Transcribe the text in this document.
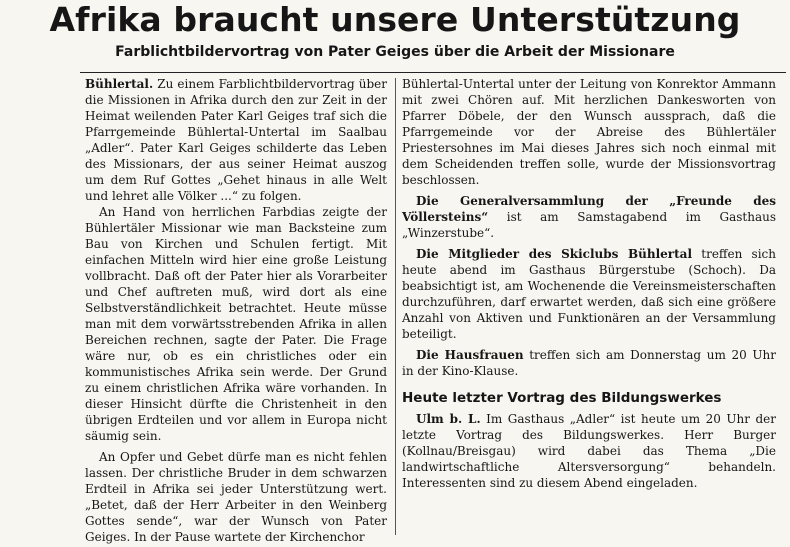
Afrika braucht unsere Unterstützung
Farblichtbildervortrag von Pater Geiges über die Arbeit der Missionare

Bühlertal. Zu einem Farblichtbildervortrag über die Missionen in Afrika durch den zur Zeit in der Heimat weilenden Pater Karl Geiges traf sich die Pfarrgemeinde Bühlertal-Untertal im Saalbau „Adler“. Pater Karl Geiges schilderte das Leben des Missionars, der aus seiner Heimat auszog um dem Ruf Gottes „Gehet hinaus in alle Welt und lehret alle Völker ...“ zu folgen.

An Hand von herrlichen Farbdias zeigte der Bühlertäler Missionar wie man Backsteine zum Bau von Kirchen und Schulen fertigt. Mit einfachen Mitteln wird hier eine große Leistung vollbracht. Daß oft der Pater hier als Vorarbeiter und Chef auftreten muß, wird dort als eine Selbstverständlichkeit betrachtet. Heute müsse man mit dem vorwärtsstrebenden Afrika in allen Bereichen rechnen, sagte der Pater. Die Frage wäre nur, ob es ein christliches oder ein kommunistisches Afrika sein werde. Der Grund zu einem christlichen Afrika wäre vorhanden. In dieser Hinsicht dürfte die Christenheit in den übrigen Erdteilen und vor allem in Europa nicht säumig sein.

An Opfer und Gebet dürfe man es nicht fehlen lassen. Der christliche Bruder in dem schwarzen Erdteil in Afrika sei jeder Unterstützung wert. „Betet, daß der Herr Arbeiter in den Weinberg Gottes sende“, war der Wunsch von Pater Geiges. In der Pause wartete der Kirchenchor

Bühlertal-Untertal unter der Leitung von Konrektor Ammann mit zwei Chören auf. Mit herzlichen Dankesworten von Pfarrer Döbele, der den Wunsch aussprach, daß die Pfarrgemeinde vor der Abreise des Bühlertäler Priestersohnes im Mai dieses Jahres sich noch einmal mit dem Scheidenden treffen solle, wurde der Missionsvortrag beschlossen.

Die Generalversammlung der „Freunde des Völlersteins“ ist am Samstagabend im Gasthaus „Winzerstube“.

Die Mitglieder des Skiclubs Bühlertal treffen sich heute abend im Gasthaus Bürgerstube (Schoch). Da beabsichtigt ist, am Wochenende die Vereinsmeisterschaften durchzuführen, darf erwartet werden, daß sich eine größere Anzahl von Aktiven und Funktionären an der Versammlung beteiligt.

Die Hausfrauen treffen sich am Donnerstag um 20 Uhr in der Kino-Klause.

Heute letzter Vortrag des Bildungswerkes

Ulm b. L. Im Gasthaus „Adler“ ist heute um 20 Uhr der letzte Vortrag des Bildungswerkes. Herr Burger (Kollnau/Breisgau) wird dabei das Thema „Die landwirtschaftliche Altersversorgung“ behandeln. Interessenten sind zu diesem Abend eingeladen.
